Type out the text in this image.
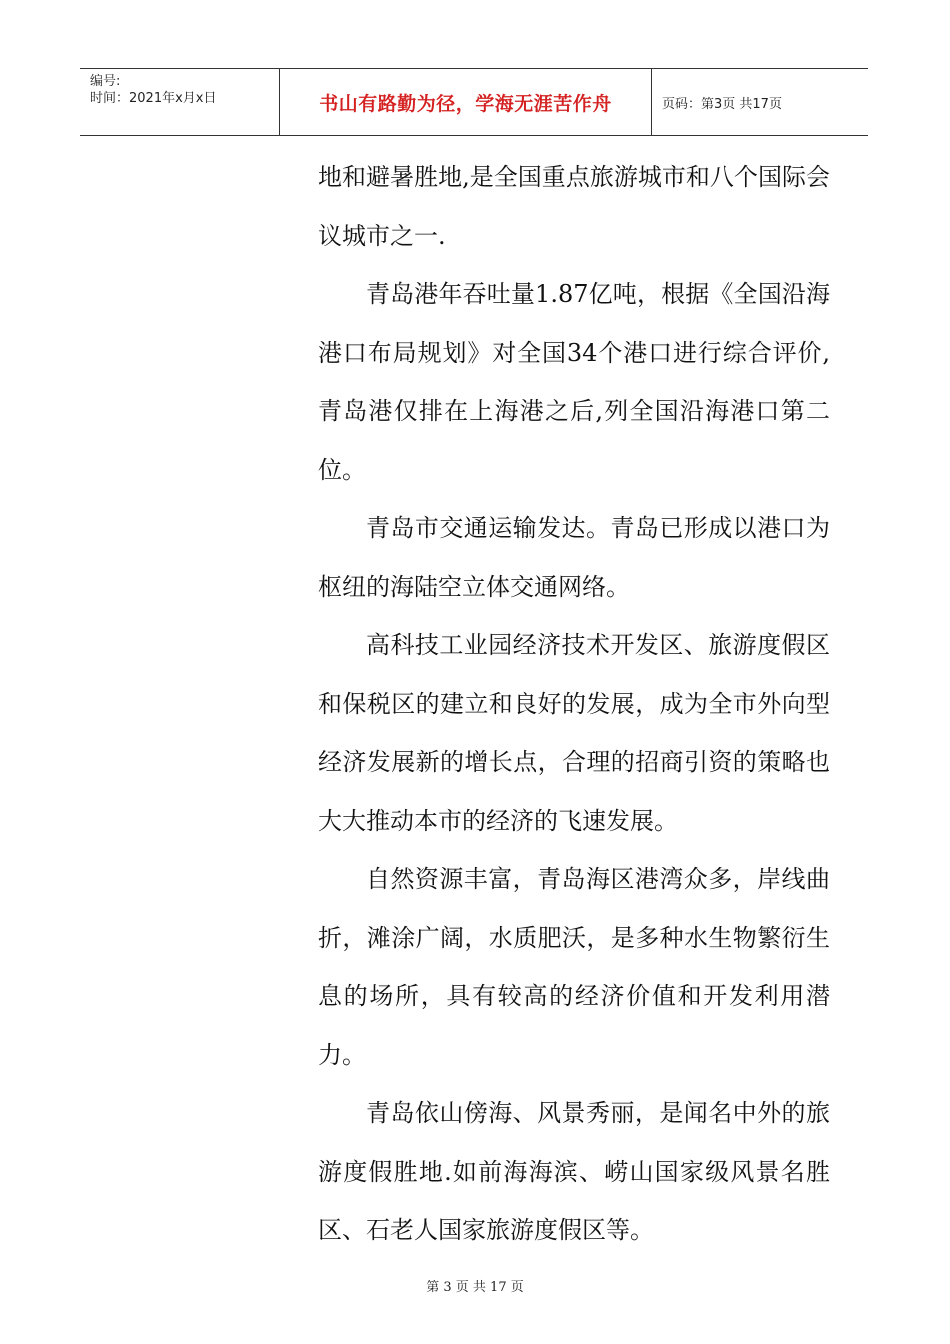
编号:
时间：2021年x月x日	书山有路勤为径，学海无涯苦作舟	页码：第3页 共17页

地和避暑胜地,是全国重点旅游城市和八个国际会议城市之一.

青岛港年吞吐量1.87亿吨，根据《全国沿海港口布局规划》对全国34个港口进行综合评价,青岛港仅排在上海港之后,列全国沿海港口第二位。

青岛市交通运输发达。青岛已形成以港口为枢纽的海陆空立体交通网络。

高科技工业园经济技术开发区、旅游度假区和保税区的建立和良好的发展，成为全市外向型经济发展新的增长点，合理的招商引资的策略也大大推动本市的经济的飞速发展。

自然资源丰富，青岛海区港湾众多，岸线曲折，滩涂广阔，水质肥沃，是多种水生物繁衍生息的场所，具有较高的经济价值和开发利用潜力。

青岛依山傍海、风景秀丽，是闻名中外的旅游度假胜地.如前海海滨、崂山国家级风景名胜区、石老人国家旅游度假区等。

第 3 页 共 17 页
